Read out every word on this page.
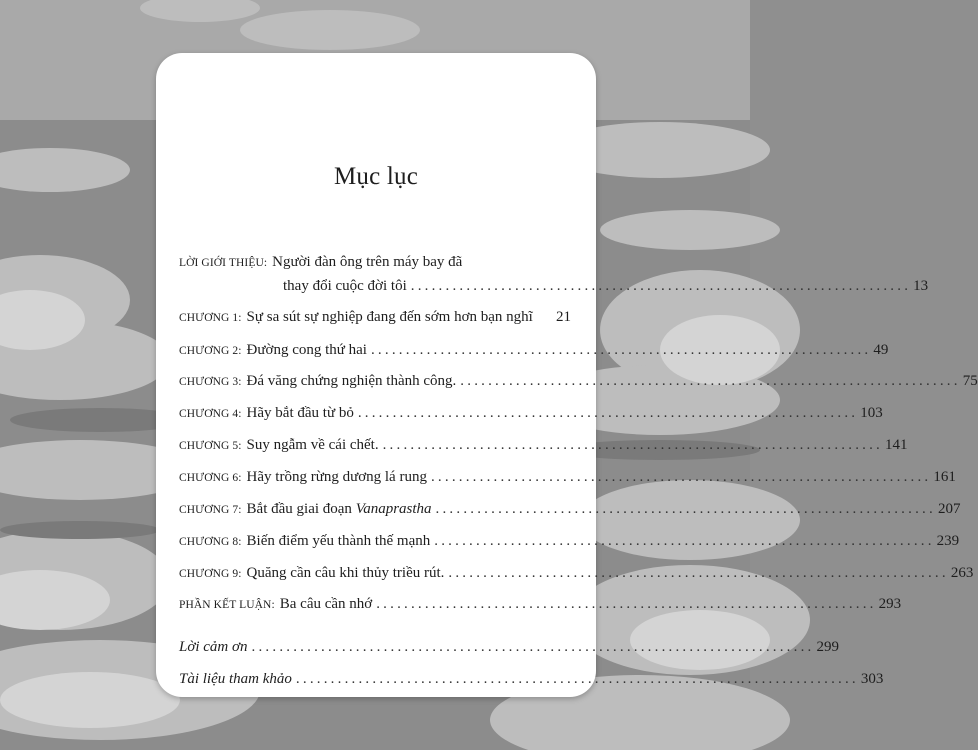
Mục lục
LỜI GIỚI THIỆU: Người đàn ông trên máy bay đã
thay đổi cuộc đời tôi ........................................................................ 13
CHƯƠNG 1: Sự sa sút sự nghiệp đang đến sớm hơn bạn nghĩ 21
CHƯƠNG 2: Đường cong thứ hai ........................................................................ 49
CHƯƠNG 3: Đá văng chứng nghiện thành công. ........................................................................ 75
CHƯƠNG 4: Hãy bắt đầu từ bỏ ........................................................................ 103
CHƯƠNG 5: Suy ngẫm về cái chết. ........................................................................ 141
CHƯƠNG 6: Hãy trồng rừng dương lá rung ........................................................................ 161
CHƯƠNG 7: Bắt đầu giai đoạn Vanaprastha ........................................................................ 207
CHƯƠNG 8: Biến điểm yếu thành thế mạnh ........................................................................ 239
CHƯƠNG 9: Quăng cần câu khi thủy triều rút. ........................................................................ 263
PHẦN KẾT LUẬN: Ba câu cần nhớ ........................................................................ 293
Lời cảm ơn ................................................................................. 299
Tài liệu tham khảo ................................................................................. 303
